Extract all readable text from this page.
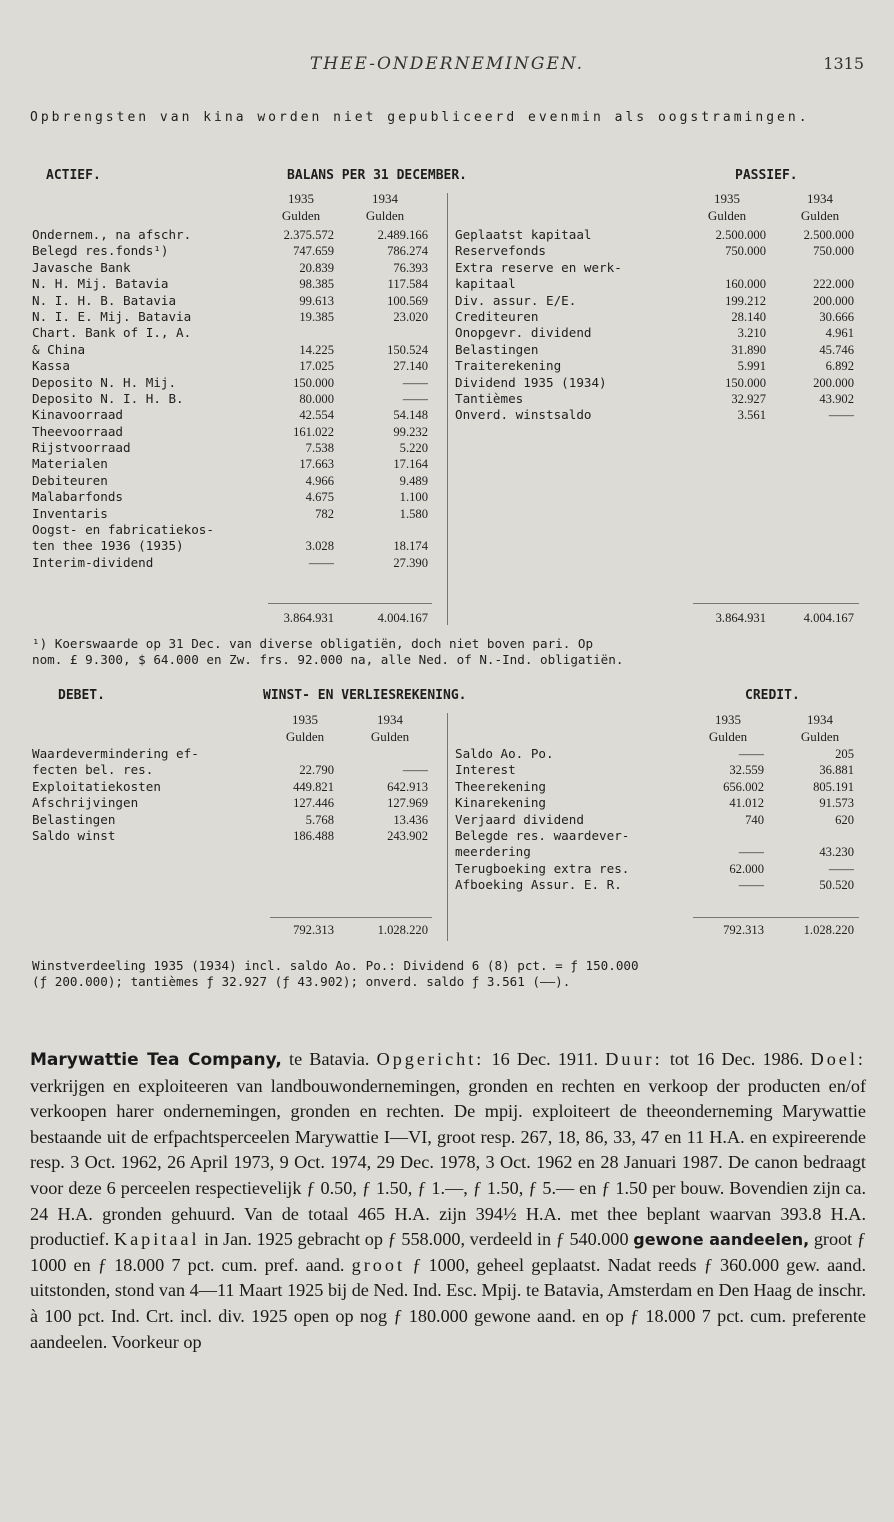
THEE-ONDERNEMINGEN.	1315
Opbrengsten van kina worden niet gepubliceerd evenmin als oogstramingen.
ACTIEF.	BALANS PER 31 DECEMBER.	PASSIEF.
1935	1934
Gulden	Gulden
1935	1934
Gulden	Gulden
Ondernem., na afschr.	2.375.572	2.489.166
Belegd res.fonds¹)	747.659	786.274
Javasche Bank	20.839	76.393
N. H. Mij. Batavia	98.385	117.584
N. I. H. B. Batavia	99.613	100.569
N. I. E. Mij. Batavia	19.385	23.020
Chart. Bank of I., A.
& China	14.225	150.524
Kassa	17.025	27.140
Deposito N. H. Mij.	150.000	——
Deposito N. I. H. B.	80.000	——
Kinavoorraad	42.554	54.148
Theevoorraad	161.022	99.232
Rijstvoorraad	7.538	5.220
Materialen	17.663	17.164
Debiteuren	4.966	9.489
Malabarfonds	4.675	1.100
Inventaris	782	1.580
Oogst- en fabricatiekos-
ten thee 1936 (1935)	3.028	18.174
Interim-dividend	——	27.390
Geplaatst kapitaal	2.500.000	2.500.000
Reservefonds	750.000	750.000
Extra reserve en werk-
kapitaal	160.000	222.000
Div. assur. E/E.	199.212	200.000
Crediteuren	28.140	30.666
Onopgevr. dividend	3.210	4.961
Belastingen	31.890	45.746
Traiterekening	5.991	6.892
Dividend 1935 (1934)	150.000	200.000
Tantièmes	32.927	43.902
Onverd. winstsaldo	3.561	——
3.864.931	4.004.167	3.864.931	4.004.167
¹) Koerswaarde op 31 Dec. van diverse obligatiën, doch niet boven pari. Op
nom. £ 9.300, $ 64.000 en Zw. frs. 92.000 na, alle Ned. of N.-Ind. obligatiën.
DEBET.	WINST- EN VERLIESREKENING.	CREDIT.
1935	1934
Gulden	Gulden
1935	1934
Gulden	Gulden
Waardevermindering ef-
fecten bel. res.	22.790	——
Exploitatiekosten	449.821	642.913
Afschrijvingen	127.446	127.969
Belastingen	5.768	13.436
Saldo winst	186.488	243.902
Saldo Ao. Po.	——	205
Interest	32.559	36.881
Theerekening	656.002	805.191
Kinarekening	41.012	91.573
Verjaard dividend	740	620
Belegde res. waardever-
meerdering	——	43.230
Terugboeking extra res.	62.000	——
Afboeking Assur. E. R.	——	50.520
792.313	1.028.220	792.313	1.028.220
Winstverdeeling 1935 (1934) incl. saldo Ao. Po.: Dividend 6 (8) pct. = ƒ 150.000
(ƒ 200.000); tantièmes ƒ 32.927 (ƒ 43.902); onverd. saldo ƒ 3.561 (——).
Marywattie Tea Company, te Batavia. Opgericht: 16 Dec. 1911. Duur: tot 16 Dec. 1986. Doel: verkrijgen en exploiteeren van landbouwondernemingen, gronden en rechten en verkoop der producten en/of verkoopen harer ondernemingen, gronden en rechten. De mpij. exploiteert de theeonderneming Marywattie bestaande uit de erfpachtsperceelen Marywattie I—VI, groot resp. 267, 18, 86, 33, 47 en 11 H.A. en expireerende resp. 3 Oct. 1962, 26 April 1973, 9 Oct. 1974, 29 Dec. 1978, 3 Oct. 1962 en 28 Januari 1987. De canon bedraagt voor deze 6 perceelen respectievelijk ƒ 0.50, ƒ 1.50, ƒ 1.—, ƒ 1.50, ƒ 5.— en ƒ 1.50 per bouw. Bovendien zijn ca. 24 H.A. gronden gehuurd. Van de totaal 465 H.A. zijn 394½ H.A. met thee beplant waarvan 393.8 H.A. productief. Kapitaal in Jan. 1925 gebracht op ƒ 558.000, verdeeld in ƒ 540.000 gewone aandeelen, groot ƒ 1000 en ƒ 18.000 7 pct. cum. pref. aand. groot ƒ 1000, geheel geplaatst. Nadat reeds ƒ 360.000 gew. aand. uitstonden, stond van 4—11 Maart 1925 bij de Ned. Ind. Esc. Mpij. te Batavia, Amsterdam en Den Haag de inschr. à 100 pct. Ind. Crt. incl. div. 1925 open op nog ƒ 180.000 gewone aand. en op ƒ 18.000 7 pct. cum. preferente aandeelen. Voorkeur op
